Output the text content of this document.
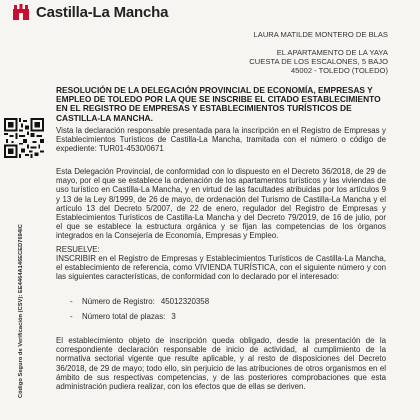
Castilla-La Mancha
LAURA MATILDE MONTERO DE BLAS
EL APARTAMENTO DE LA YAYA
CUESTA DE LOS ESCALONES, 5 BAJO
45002 - TOLEDO (TOLEDO)
RESOLUCIÓN DE LA DELEGACIÓN PROVINCIAL DE ECONOMÍA, EMPRESAS Y EMPLEO DE TOLEDO POR LA QUE SE INSCRIBE EL CITADO ESTABLECIMIENTO EN EL REGISTRO DE EMPRESAS Y ESTABLECIMIENTOS TURÍSTICOS DE CASTILLA-LA MANCHA.
Código Seguro de Verificación (CSV): EE4464A146ECED7694IC
Vista la declaración responsable presentada para la inscripción en el Registro de Empresas y Establecimientos Turísticos de Castilla-La Mancha, tramitada con el número o código de expediente: TUR01-4530/0671
Esta Delegación Provincial, de conformidad con lo dispuesto en el Decreto 36/2018, de 29 de mayo, por el que se establece la ordenación de los apartamentos turísticos y las viviendas de uso turístico en Castilla-La Mancha, y en virtud de las facultades atribuidas por los artículos 9 y 13 de la Ley 8/1999, de 26 de mayo, de ordenación del Turismo de Castilla-La Mancha y el artículo 13 del Decreto 5/2007, de 22 de enero, regulador del Registro de Empresas y Establecimientos Turísticos de Castilla-La Mancha y del Decreto 79/2019, de 16 de julio, por el que se establece la estructura orgánica y se fijan las competencias de los órganos integrados en la Consejería de Economía, Empresas y Empleo.
RESUELVE:
INSCRIBIR en el Registro de Empresas y Establecimientos Turísticos de Castilla-La Mancha, el establecimiento de referencia, como VIVIENDA TURÍSTICA, con el siguiente número y con las siguientes características, de conformidad con lo declarado por el interesado:
-	Número de Registro: 45012320358
-	Número total de plazas: 3
El establecimiento objeto de inscripción queda obligado, desde la presentación de la correspondiente declaración responsable de inicio de actividad, al cumplimiento de la normativa sectorial vigente que resulte aplicable, y al resto de disposiciones del Decreto 36/2018, de 29 de mayo; todo ello, sin perjuicio de las atribuciones de otros organismos en el ámbito de sus respectivas competencias, y de las posteriores comprobaciones que esta administración pudiera realizar, con los efectos que de ellas se deriven.
